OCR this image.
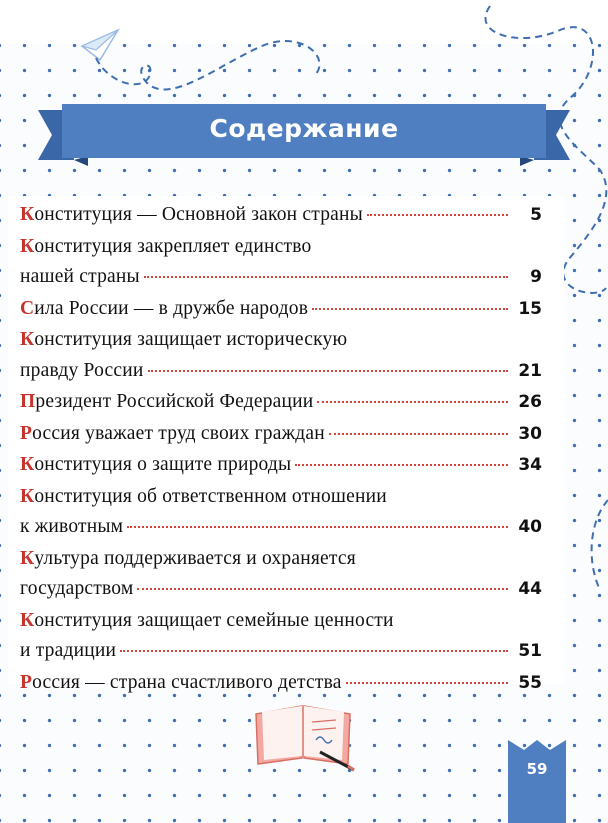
Содержание
Конституция — Основной закон страны	5
Конституция закрепляет единство
нашей страны	9
Сила России — в дружбе народов	15
Конституция защищает историческую
правду России	21
Президент Российской Федерации	26
Россия уважает труд своих граждан	30
Конституция о защите природы	34
Конституция об ответственном отношении
к животным	40
Культура поддерживается и охраняется
государством	44
Конституция защищает семейные ценности
и традиции	51
Россия — страна счастливого детства	55
59
